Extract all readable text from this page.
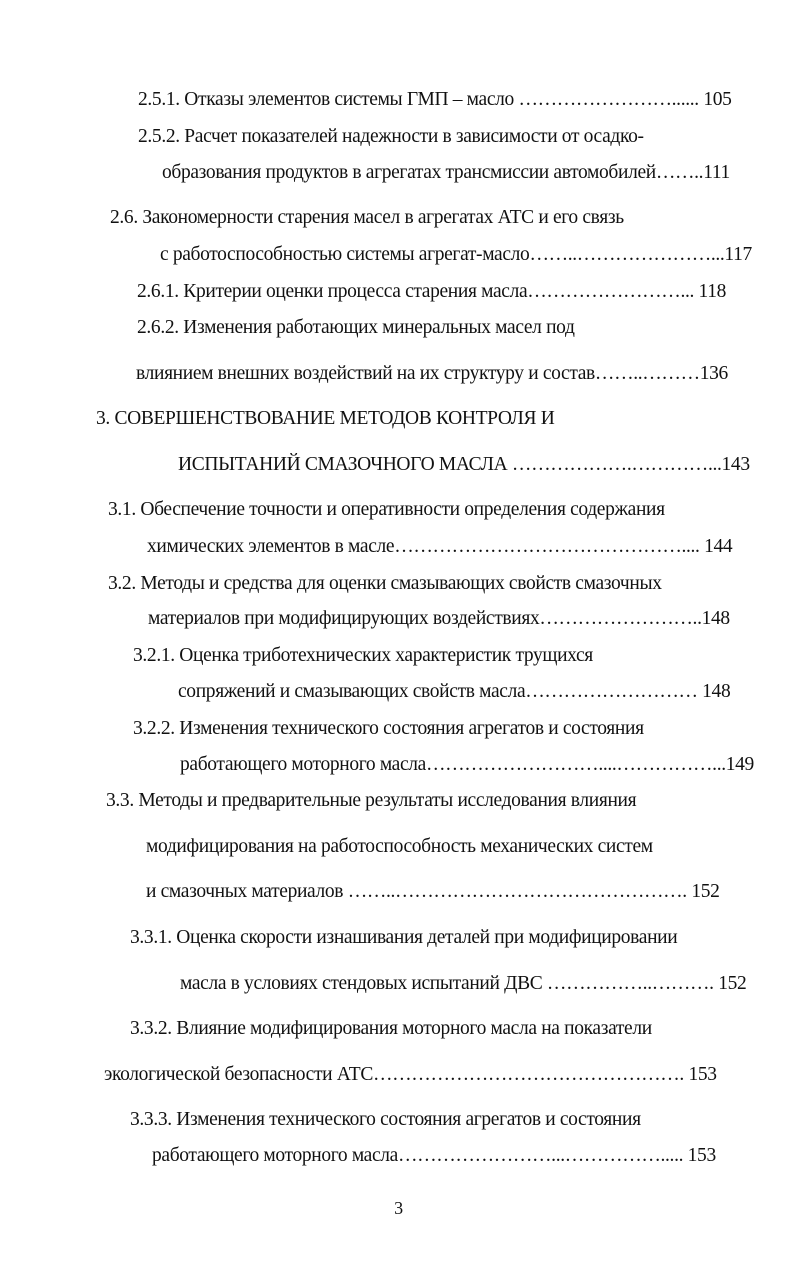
2.5.1. Отказы элементов системы ГМП – масло ……………………...... 105
2.5.2. Расчет показателей надежности в зависимости от осадко-
образования продуктов в агрегатах трансмиссии автомобилей……..111
2.6. Закономерности старения масел в агрегатах АТС и его связь
с работоспособностью системы агрегат-масло……..…………………...117
2.6.1. Критерии оценки процесса старения масла……………………... 118
2.6.2. Изменения работающих минеральных масел под
влиянием внешних воздействий на их структуру и состав……..………136
3. СОВЕРШЕНСТВОВАНИЕ МЕТОДОВ КОНТРОЛЯ И
ИСПЫТАНИЙ СМАЗОЧНОГО МАСЛА ……………….…………...143
3.1. Обеспечение точности и оперативности определения содержания
химических элементов в масле……………………………………….... 144
3.2. Методы и средства для оценки смазывающих свойств смазочных
материалов при модифицирующих воздействиях……………………..148
3.2.1. Оценка триботехнических характеристик трущихся
сопряжений и смазывающих свойств масла……………………… 148
3.2.2. Изменения технического состояния агрегатов и состояния
работающего моторного масла………………………....……………...149
3.3. Методы и предварительные результаты исследования влияния
модифицирования на работоспособность механических систем
и смазочных материалов ……..………………………………………. 152
3.3.1. Оценка скорости изнашивания деталей при модифицировании
масла в условиях стендовых испытаний ДВС ……………..………. 152
3.3.2. Влияние модифицирования моторного масла на показатели
экологической безопасности АТС…………………………………………. 153
3.3.3. Изменения технического состояния агрегатов и состояния
работающего моторного масла……………………...……………..... 153
3
